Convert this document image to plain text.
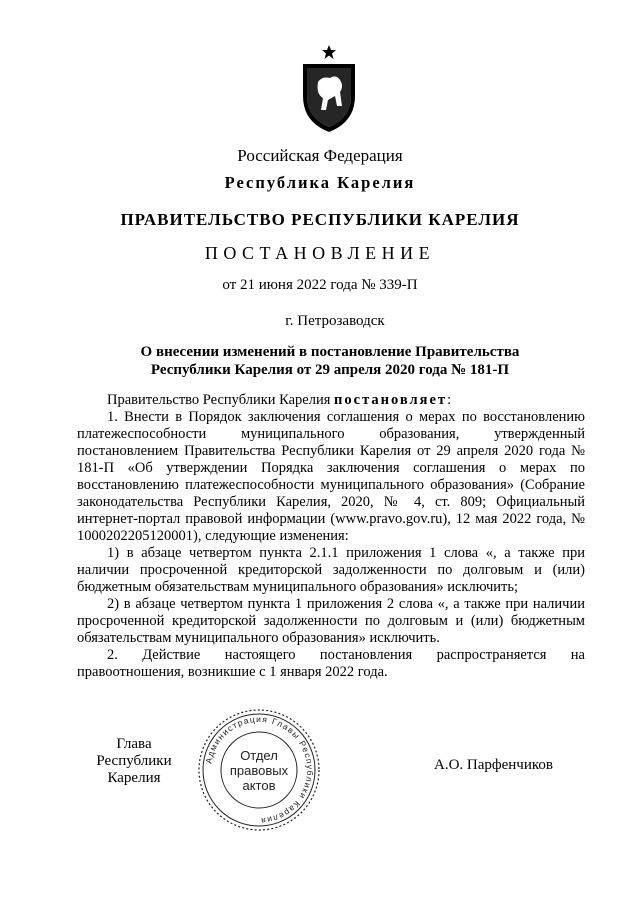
Российская Федерация
Республика Карелия
ПРАВИТЕЛЬСТВО РЕСПУБЛИКИ КАРЕЛИЯ
ПОСТАНОВЛЕНИЕ
от 21 июня 2022 года № 339-П
г. Петрозаводск
О внесении изменений в постановление Правительства
Республики Карелия от 29 апреля 2020 года № 181-П

Правительство Республики Карелия постановляет:

1. Внести в Порядок заключения соглашения о мерах по восстановлению платежеспособности муниципального образования, утвержденный постановлением Правительства Республики Карелия от 29 апреля 2020 года № 181-П «Об утверждении Порядка заключения соглашения о мерах по восстановлению платежеспособности муниципального образования» (Собрание законодательства Республики Карелия, 2020, № 4, ст. 809; Официальный интернет-портал правовой информации (www.pravo.gov.ru), 12 мая 2022 года, № 1000202205120001), следующие изменения:

1) в абзаце четвертом пункта 2.1.1 приложения 1 слова «, а также при наличии просроченной кредиторской задолженности по долговым и (или) бюджетным обязательствам муниципального образования» исключить;

2) в абзаце четвертом пункта 1 приложения 2 слова «, а также при наличии просроченной кредиторской задолженности по долговым и (или) бюджетным обязательствам муниципального образования» исключить.

2. Действие настоящего постановления распространяется на правоотношения, возникшие с 1 января 2022 года.

Глава
Республики Карелия
Администрация Главы Республики Карелия
Отдел
правовых
актов
А.О. Парфенчиков
